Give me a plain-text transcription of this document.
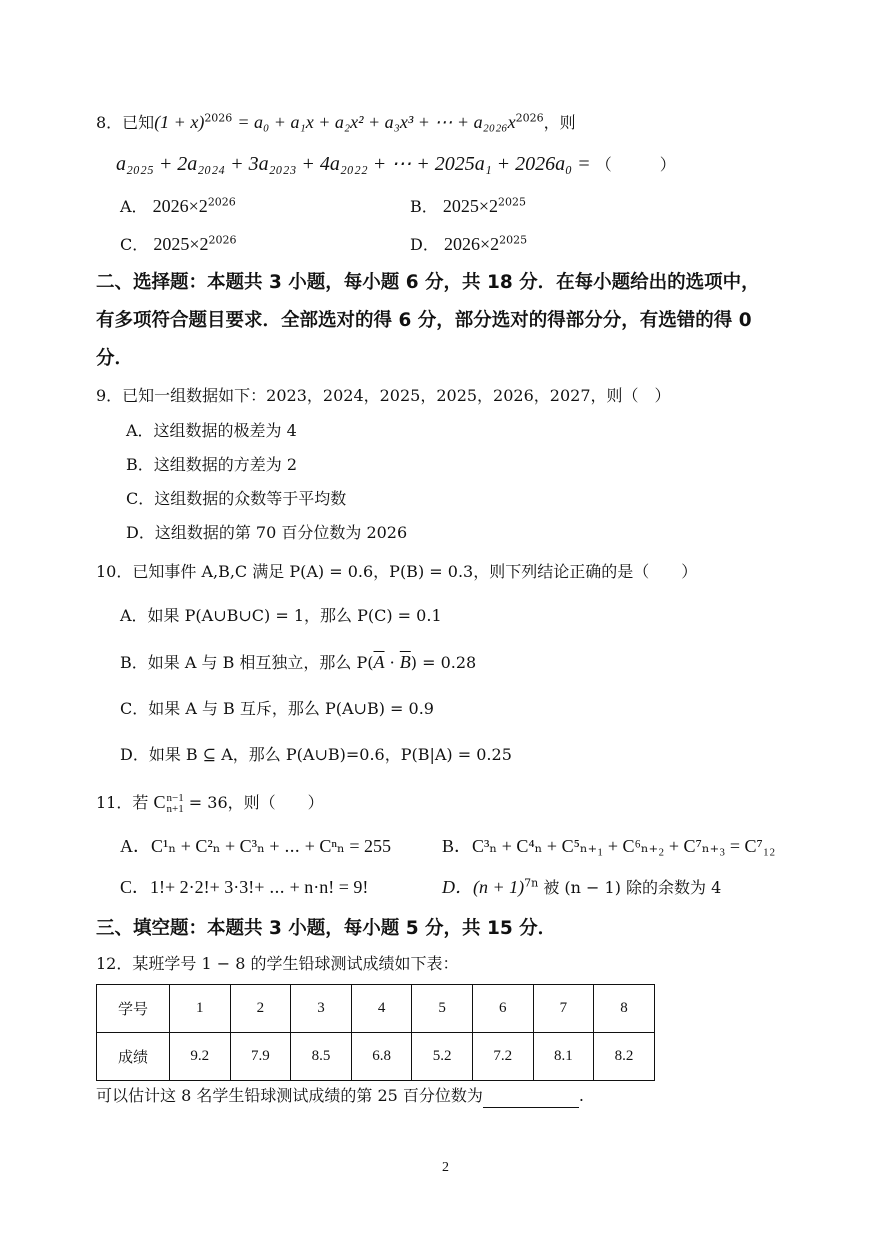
8．已知$(1 + x)^{2026} = a_0 + a_1x + a_2x^2 + a_3x^3$ + ⋯ + $a_{2026}x^{2026}$，则
a₂₀₂₅ + 2a₂₀₂₄ + 3a₂₀₂₃ + 4a₂₀₂₂ + ⋯ + 2025a₁ + 2026a₀ = （　　　）
A． $2026\times 2^{2026}$	B． $2025\times 2^{2025}$
C． $2025\times 2^{2026}$	D． $2026\times 2^{2025}$
二、选择题：本题共 3 小题，每小题 6 分，共 18 分．在每小题给出的选项中，
有多项符合题目要求．全部选对的得 6 分，部分选对的得部分分，有选错的得 0
分．
9．已知一组数据如下：2023，2024，2025，2025，2026，2027，则（　）
A．这组数据的极差为 4
B．这组数据的方差为 2
C．这组数据的众数等于平均数
D．这组数据的第 70 百分位数为 2026
10．已知事件 A,B,C 满足 P(A) = 0.6，P(B) = 0.3，则下列结论正确的是（　　）
A．如果 P(A∪B∪C) = 1，那么 P(C) = 0.1
B．如果 A 与 B 相互独立，那么 $P(\overline{A} \cdot \overline{B}) = 0.28$
C．如果 A 与 B 互斥，那么 P(A∪B) = 0.9
D．如果 B ⊆ A，那么 P(A∪B)=0.6，P(B|A) = 0.25
11．若 C n−1
n+1 = 36，则（　　）
A．C¹ₙ + C²ₙ + C³ₙ + ⋯ + Cⁿₙ = 255	B．C³ₙ + C⁴ₙ + C⁵ₙ₊₁ + C⁶ₙ₊₂ + C⁷ₙ₊₃ = C⁷₁₂
C．1!+ 2·2!+ 3·3!+ ⋯ + n·n! = 9!	D．$(n + 1)^{7n}$ 被 (n − 1) 除的余数为 4
三、填空题：本题共 3 小题，每小题 5 分，共 15 分．
12．某班学号 1 − 8 的学生铅球测试成绩如下表：
学号	1	2	3	4	5	6	7	8
成绩	9.2	7.9	8.5	6.8	5.2	7.2	8.1	8.2
可以估计这 8 名学生铅球测试成绩的第 25 百分位数为	.
2
